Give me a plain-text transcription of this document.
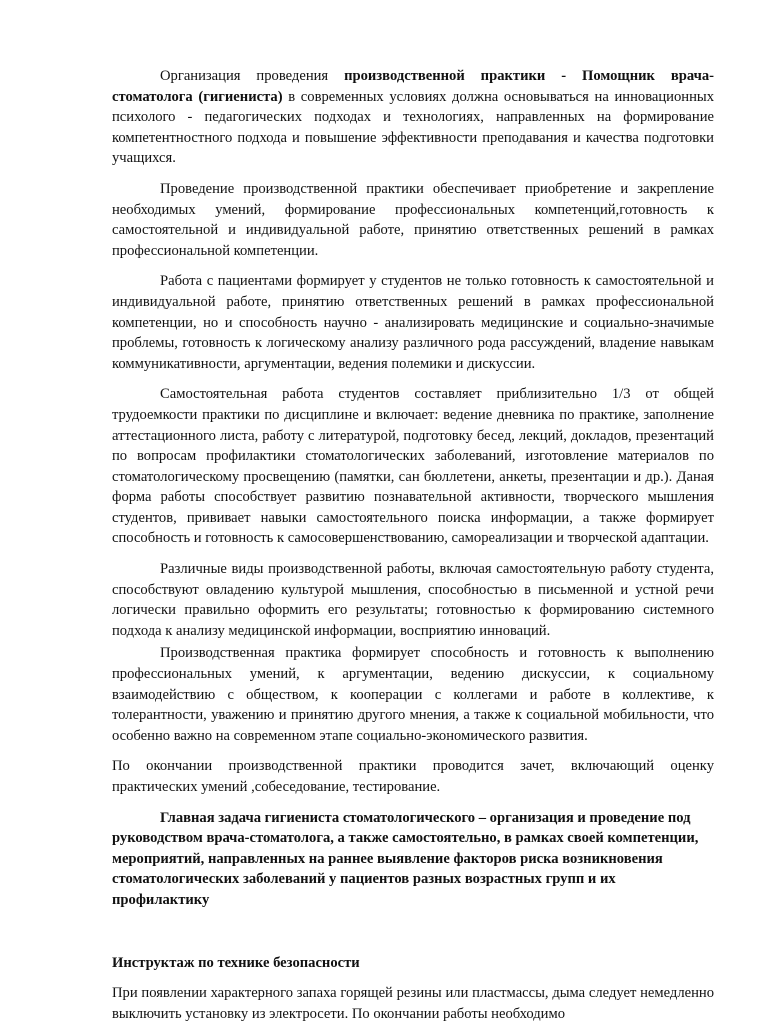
Организация проведения производственной практики - Помощник врача-стоматолога (гигиениста) в современных условиях должна основываться на инновационных психолого - педагогических подходах и технологиях, направленных на формирование компетентностного подхода и повышение эффективности преподавания и качества подготовки учащихся.

Проведение производственной практики обеспечивает приобретение и закрепление необходимых умений, формирование профессиональных компетенций,готовность к самостоятельной и индивидуальной работе, принятию ответственных решений в рамках профессиональной компетенции.

Работа с пациентами формирует у студентов не только готовность к самостоятельной и индивидуальной работе, принятию ответственных решений в рамках профессиональной компетенции, но и способность научно - анализировать медицинские и социально-значимые проблемы, готовность к логическому анализу различного рода рассуждений, владение навыкам коммуникативности, аргументации, ведения полемики и дискуссии.

Самостоятельная работа студентов составляет приблизительно 1/3 от общей трудоемкости практики по дисциплине и включает: ведение дневника по практике, заполнение аттестационного листа, работу с литературой, подготовку бесед, лекций, докладов, презентаций по вопросам профилактики стоматологических заболеваний, изготовление материалов по стоматологическому просвещению (памятки, сан бюллетени, анкеты, презентации и др.). Даная форма работы способствует развитию познавательной активности, творческого мышления студентов, прививает навыки самостоятельного поиска информации, а также формирует способность и готовность к самосовершенствованию, самореализации и творческой адаптации.

Различные виды производственной работы, включая самостоятельную работу студента, способствуют овладению культурой мышления, способностью в письменной и устной речи логически правильно оформить его результаты; готовностью к формированию системного подхода к анализу медицинской информации, восприятию инноваций.

Производственная практика формирует способность и готовность к выполнению профессиональных умений, к аргументации, ведению дискуссии, к социальному взаимодействию с обществом, к кооперации с коллегами и работе в коллективе, к толерантности, уважению и принятию другого мнения, а также к социальной мобильности, что особенно важно на современном этапе социально-экономического развития.

По окончании производственной практики проводится зачет, включающий оценку практических умений ,собеседование, тестирование.

Главная задача гигиениста стоматологического – организация и проведение под руководством врача-стоматолога, а также самостоятельно, в рамках своей компетенции, мероприятий, направленных на раннее выявление факторов риска возникновения стоматологических заболеваний у пациентов разных возрастных групп и их профилактику

Инструктаж по технике безопасности

При появлении характерного запаха горящей резины или пластмассы, дыма следует немедленно выключить установку из электросети. По окончании работы необходимо
